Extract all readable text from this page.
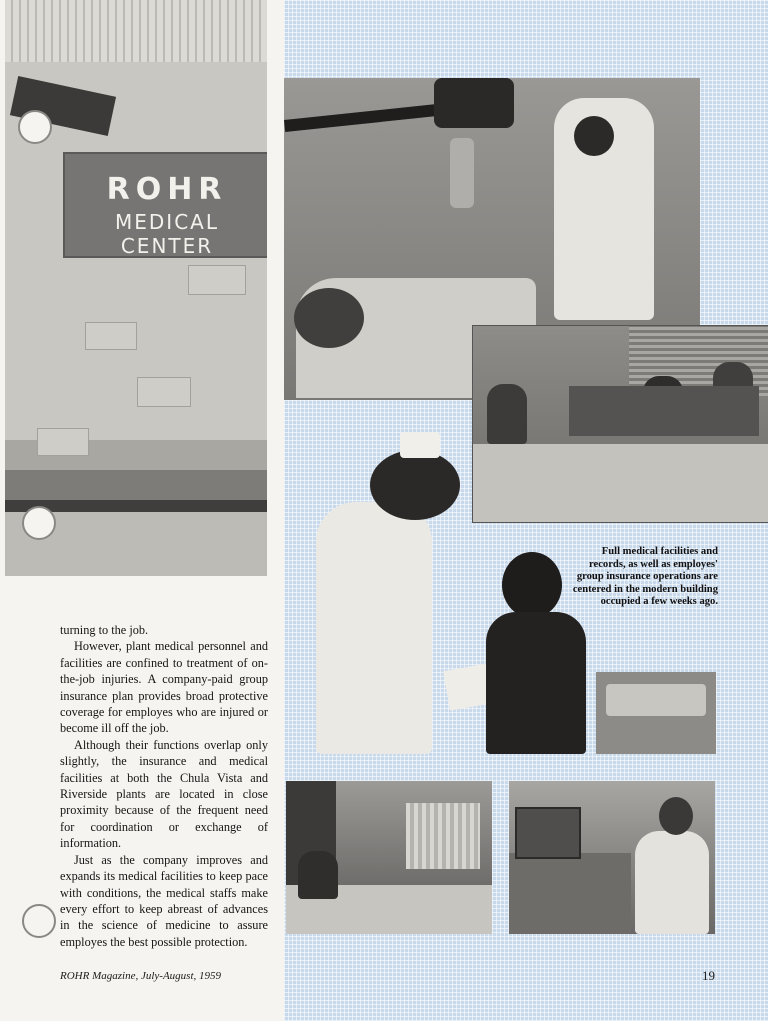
ROHR
MEDICAL CENTER

turning to the job.

However, plant medical personnel and facilities are confined to treatment of on-the-job injuries. A company-paid group insurance plan provides broad protective coverage for employes who are injured or become ill off the job.

Although their functions overlap only slightly, the insurance and medical facilities at both the Chula Vista and Riverside plants are located in close proximity because of the frequent need for coordination or exchange of information.

Just as the company improves and expands its medical facilities to keep pace with conditions, the medical staffs make every effort to keep abreast of advances in the science of medicine to assure employes the best possible protection.

ROHR Magazine, July-August, 1959	19
Full medical facilities and records, as well as employes' group insurance operations are centered in the modern building occupied a few weeks ago.
